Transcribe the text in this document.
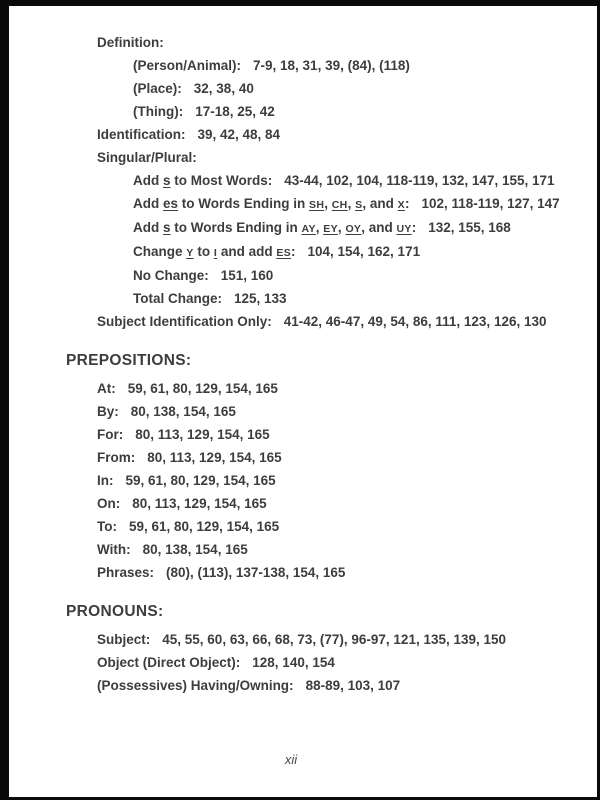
Definition:
(Person/Animal): 7-9, 18, 31, 39, (84), (118)
(Place): 32, 38, 40
(Thing): 17-18, 25, 42
Identification: 39, 42, 48, 84
Singular/Plural:
Add s to Most Words: 43-44, 102, 104, 118-119, 132, 147, 155, 171
Add es to Words Ending in SH, CH, S, and X: 102, 118-119, 127, 147
Add s to Words Ending in AY, EY, OY, and UY: 132, 155, 168
Change Y to I and add ES: 104, 154, 162, 171
No Change: 151, 160
Total Change: 125, 133
Subject Identification Only: 41-42, 46-47, 49, 54, 86, 111, 123, 126, 130
PREPOSITIONS:
At: 59, 61, 80, 129, 154, 165
By: 80, 138, 154, 165
For: 80, 113, 129, 154, 165
From: 80, 113, 129, 154, 165
In: 59, 61, 80, 129, 154, 165
On: 80, 113, 129, 154, 165
To: 59, 61, 80, 129, 154, 165
With: 80, 138, 154, 165
Phrases: (80), (113), 137-138, 154, 165
PRONOUNS:
Subject: 45, 55, 60, 63, 66, 68, 73, (77), 96-97, 121, 135, 139, 150
Object (Direct Object): 128, 140, 154
(Possessives) Having/Owning: 88-89, 103, 107
xii
